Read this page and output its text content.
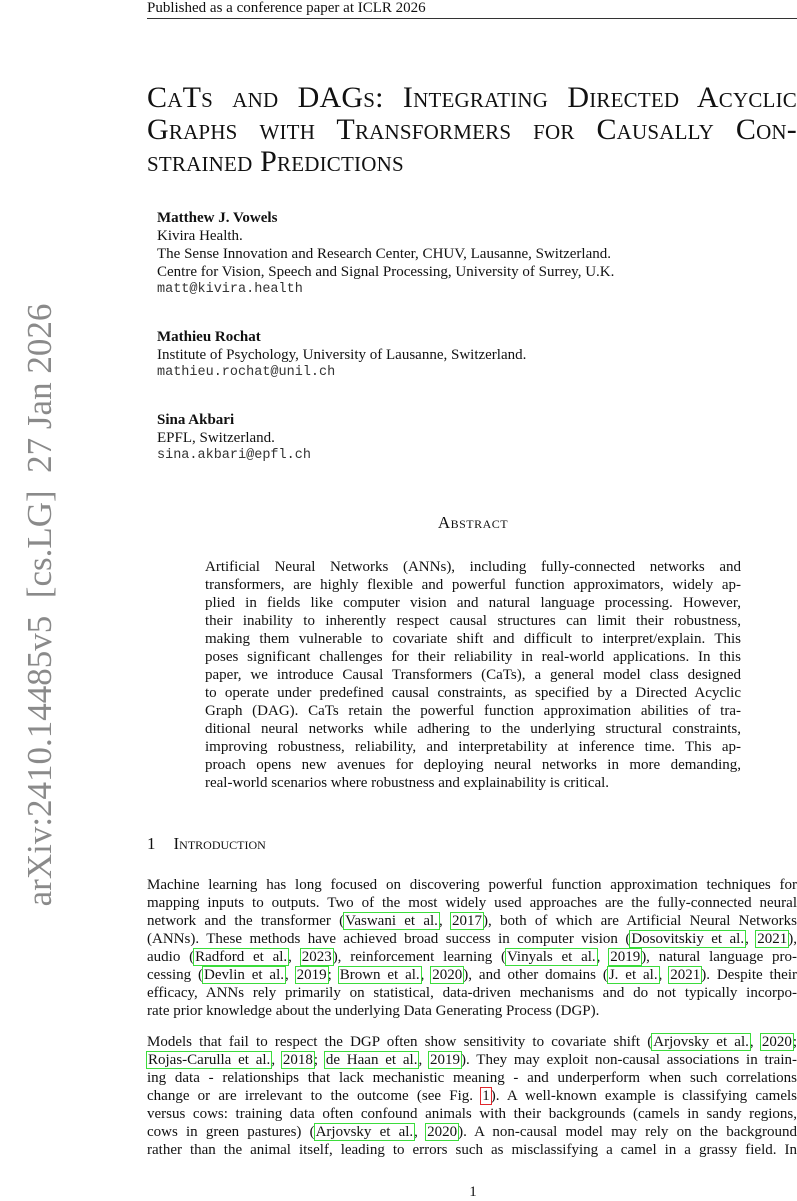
Published as a conference paper at ICLR 2026
arXiv:2410.14485v5  [cs.LG]  27 Jan 2026
CaTs and DAGs: Integrating Directed Acyclic
Graphs with Transformers for Causally Con-
strained Predictions
Matthew J. Vowels
Kivira Health.
The Sense Innovation and Research Center, CHUV, Lausanne, Switzerland.
Centre for Vision, Speech and Signal Processing, University of Surrey, U.K.
matt@kivira.health
Mathieu Rochat
Institute of Psychology, University of Lausanne, Switzerland.
mathieu.rochat@unil.ch
Sina Akbari
EPFL, Switzerland.
sina.akbari@epfl.ch
Abstract
Artificial Neural Networks (ANNs), including fully-connected networks and
transformers, are highly flexible and powerful function approximators, widely ap-
plied in fields like computer vision and natural language processing. However,
their inability to inherently respect causal structures can limit their robustness,
making them vulnerable to covariate shift and difficult to interpret/explain. This
poses significant challenges for their reliability in real-world applications. In this
paper, we introduce Causal Transformers (CaTs), a general model class designed
to operate under predefined causal constraints, as specified by a Directed Acyclic
Graph (DAG). CaTs retain the powerful function approximation abilities of tra-
ditional neural networks while adhering to the underlying structural constraints,
improving robustness, reliability, and interpretability at inference time. This ap-
proach opens new avenues for deploying neural networks in more demanding,
real-world scenarios where robustness and explainability is critical.
1 Introduction
Machine learning has long focused on discovering powerful function approximation techniques for
mapping inputs to outputs. Two of the most widely used approaches are the fully-connected neural
network and the transformer (Vaswani et al., 2017), both of which are Artificial Neural Networks
(ANNs). These methods have achieved broad success in computer vision (Dosovitskiy et al., 2021),
audio (Radford et al., 2023), reinforcement learning (Vinyals et al., 2019), natural language pro-
cessing (Devlin et al., 2019; Brown et al., 2020), and other domains (J. et al., 2021). Despite their
efficacy, ANNs rely primarily on statistical, data-driven mechanisms and do not typically incorpo-
rate prior knowledge about the underlying Data Generating Process (DGP).
Models that fail to respect the DGP often show sensitivity to covariate shift (Arjovsky et al., 2020;
Rojas-Carulla et al., 2018; de Haan et al., 2019). They may exploit non-causal associations in train-
ing data - relationships that lack mechanistic meaning - and underperform when such correlations
change or are irrelevant to the outcome (see Fig. 1). A well-known example is classifying camels
versus cows: training data often confound animals with their backgrounds (camels in sandy regions,
cows in green pastures) (Arjovsky et al., 2020). A non-causal model may rely on the background
rather than the animal itself, leading to errors such as misclassifying a camel in a grassy field. In
1
